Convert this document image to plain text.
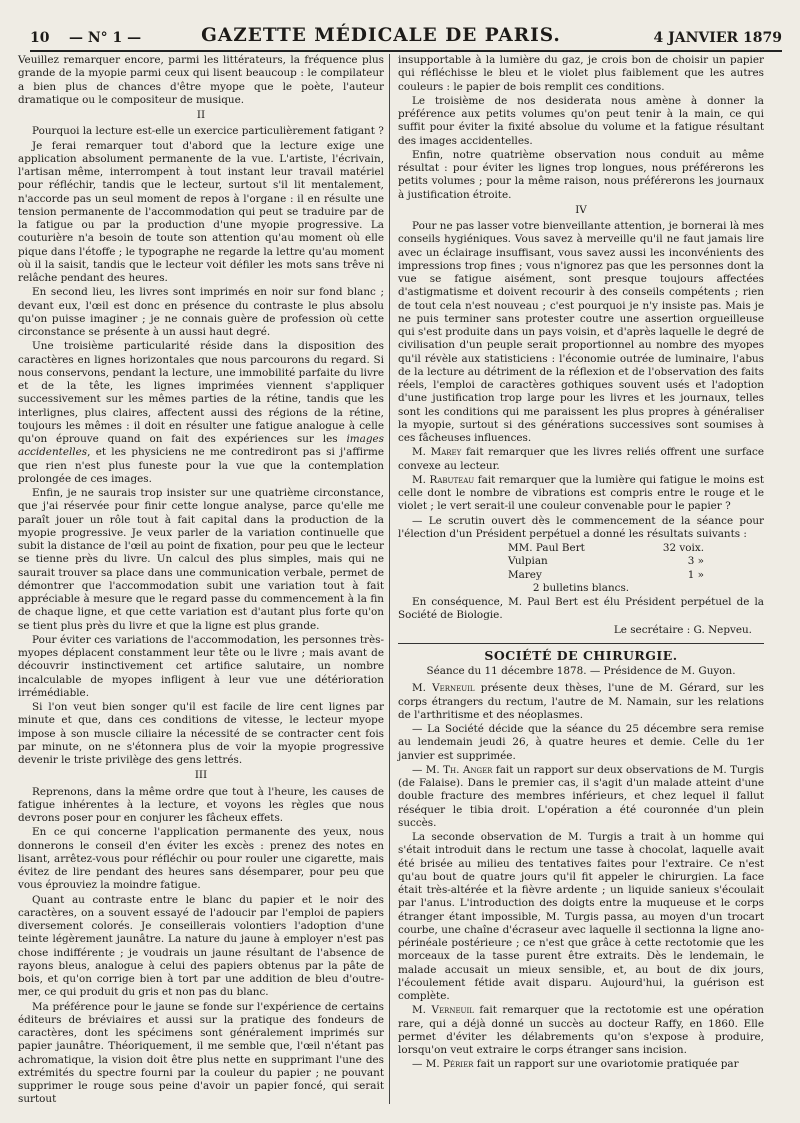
10 — N° 1 —	GAZETTE MÉDICALE DE PARIS.	4 JANVIER 1879

Veuillez remarquer encore, parmi les littérateurs, la fréquence plus grande de la myopie parmi ceux qui lisent beaucoup : le compilateur a bien plus de chances d'être myope que le poète, l'auteur dramatique ou le compositeur de musique.

II

Pourquoi la lecture est-elle un exercice particulièrement fatigant ?

Je ferai remarquer tout d'abord que la lecture exige une application absolument permanente de la vue. L'artiste, l'écrivain, l'artisan même, interrompent à tout instant leur travail matériel pour réfléchir, tandis que le lecteur, surtout s'il lit mentalement, n'accorde pas un seul moment de repos à l'organe : il en résulte une tension permanente de l'accommodation qui peut se traduire par de la fatigue ou par la production d'une myopie progressive. La couturière n'a besoin de toute son attention qu'au moment où elle pique dans l'étoffe ; le typographe ne regarde la lettre qu'au moment où il la saisit, tandis que le lecteur voit défiler les mots sans trêve ni relâche pendant des heures.

En second lieu, les livres sont imprimés en noir sur fond blanc ; devant eux, l'œil est donc en présence du contraste le plus absolu qu'on puisse imaginer ; je ne connais guère de profession où cette circonstance se présente à un aussi haut degré.

Une troisième particularité réside dans la disposition des caractères en lignes horizontales que nous parcourons du regard. Si nous conservons, pendant la lecture, une immobilité parfaite du livre et de la tête, les lignes imprimées viennent s'appliquer successivement sur les mêmes parties de la rétine, tandis que les interlignes, plus claires, affectent aussi des régions de la rétine, toujours les mêmes : il doit en résulter une fatigue analogue à celle qu'on éprouve quand on fait des expériences sur les images accidentelles, et les physiciens ne me contrediront pas si j'affirme que rien n'est plus funeste pour la vue que la contemplation prolongée de ces images.

Enfin, je ne saurais trop insister sur une quatrième circonstance, que j'ai réservée pour finir cette longue analyse, parce qu'elle me paraît jouer un rôle tout à fait capital dans la production de la myopie progressive. Je veux parler de la variation continuelle que subit la distance de l'œil au point de fixation, pour peu que le lecteur se tienne près du livre. Un calcul des plus simples, mais qui ne saurait trouver sa place dans une communication verbale, permet de démontrer que l'accommodation subit une variation tout à fait appréciable à mesure que le regard passe du commencement à la fin de chaque ligne, et que cette variation est d'autant plus forte qu'on se tient plus près du livre et que la ligne est plus grande.

Pour éviter ces variations de l'accommodation, les personnes très-myopes déplacent constamment leur tête ou le livre ; mais avant de découvrir instinctivement cet artifice salutaire, un nombre incalculable de myopes infligent à leur vue une détérioration irrémédiable.

Si l'on veut bien songer qu'il est facile de lire cent lignes par minute et que, dans ces conditions de vitesse, le lecteur myope impose à son muscle ciliaire la nécessité de se contracter cent fois par minute, on ne s'étonnera plus de voir la myopie progressive devenir le triste privilège des gens lettrés.

III

Reprenons, dans la même ordre que tout à l'heure, les causes de fatigue inhérentes à la lecture, et voyons les règles que nous devrons poser pour en conjurer les fâcheux effets.

En ce qui concerne l'application permanente des yeux, nous donnerons le conseil d'en éviter les excès : prenez des notes en lisant, arrêtez-vous pour réfléchir ou pour rouler une cigarette, mais évitez de lire pendant des heures sans désemparer, pour peu que vous éprouviez la moindre fatigue.

Quant au contraste entre le blanc du papier et le noir des caractères, on a souvent essayé de l'adoucir par l'emploi de papiers diversement colorés. Je conseillerais volontiers l'adoption d'une teinte légèrement jaunâtre. La nature du jaune à employer n'est pas chose indifférente ; je voudrais un jaune résultant de l'absence de rayons bleus, analogue à celui des papiers obtenus par la pâte de bois, et qu'on corrige bien à tort par une addition de bleu d'outre-mer, ce qui produit du gris et non pas du blanc.

Ma préférence pour le jaune se fonde sur l'expérience de certains éditeurs de bréviaires et aussi sur la pratique des fondeurs de caractères, dont les spécimens sont généralement imprimés sur papier jaunâtre. Théoriquement, il me semble que, l'œil n'étant pas achromatique, la vision doit être plus nette en supprimant l'une des extrémités du spectre fourni par la couleur du papier ; ne pouvant supprimer le rouge sous peine d'avoir un papier foncé, qui serait surtout

insupportable à la lumière du gaz, je crois bon de choisir un papier qui réfléchisse le bleu et le violet plus faiblement que les autres couleurs : le papier de bois remplit ces conditions.

Le troisième de nos desiderata nous amène à donner la préférence aux petits volumes qu'on peut tenir à la main, ce qui suffit pour éviter la fixité absolue du volume et la fatigue résultant des images accidentelles.

Enfin, notre quatrième observation nous conduit au même résultat : pour éviter les lignes trop longues, nous préférerons les petits volumes ; pour la même raison, nous préférerons les journaux à justification étroite.

IV

Pour ne pas lasser votre bienveillante attention, je bornerai là mes conseils hygiéniques. Vous savez à merveille qu'il ne faut jamais lire avec un éclairage insuffisant, vous savez aussi les inconvénients des impressions trop fines ; vous n'ignorez pas que les personnes dont la vue se fatigue aisément, sont presque toujours affectées d'astigmatisme et doivent recourir à des conseils compétents ; rien de tout cela n'est nouveau ; c'est pourquoi je n'y insiste pas. Mais je ne puis terminer sans protester coutre une assertion orgueilleuse qui s'est produite dans un pays voisin, et d'après laquelle le degré de civilisation d'un peuple serait proportionnel au nombre des myopes qu'il révèle aux statisticiens : l'économie outrée de luminaire, l'abus de la lecture au détriment de la réflexion et de l'observation des faits réels, l'emploi de caractères gothiques souvent usés et l'adoption d'une justification trop large pour les livres et les journaux, telles sont les conditions qui me paraissent les plus propres à généraliser la myopie, surtout si des générations successives sont soumises à ces fâcheuses influences.

M. Marey fait remarquer que les livres reliés offrent une surface convexe au lecteur.

M. Rabuteau fait remarquer que la lumière qui fatigue le moins est celle dont le nombre de vibrations est compris entre le rouge et le violet ; le vert serait-il une couleur convenable pour le papier ?

— Le scrutin ouvert dès le commencement de la séance pour l'élection d'un Président perpétuel a donné les résultats suivants :

MM. Paul Bert	32 voix.
Vulpian	3 »
Marey	1 »

2 bulletins blancs.

En conséquence, M. Paul Bert est élu Président perpétuel de la Société de Biologie.

Le secrétaire : G. Nepveu.

SOCIÉTÉ DE CHIRURGIE.

Séance du 11 décembre 1878. — Présidence de M. Guyon.

M. Verneuil présente deux thèses, l'une de M. Gérard, sur les corps étrangers du rectum, l'autre de M. Namain, sur les relations de l'arthritisme et des néoplasmes.

— La Société décide que la séance du 25 décembre sera remise au lendemain jeudi 26, à quatre heures et demie. Celle du 1er janvier est supprimée.

— M. Th. Anger fait un rapport sur deux observations de M. Turgis (de Falaise). Dans le premier cas, il s'agit d'un malade atteint d'une double fracture des membres inférieurs, et chez lequel il fallut réséquer le tibia droit. L'opération a été couronnée d'un plein succès.

La seconde observation de M. Turgis a trait à un homme qui s'était introduit dans le rectum une tasse à chocolat, laquelle avait été brisée au milieu des tentatives faites pour l'extraire. Ce n'est qu'au bout de quatre jours qu'il fit appeler le chirurgien. La face était très-altérée et la fièvre ardente ; un liquide sanieux s'écoulait par l'anus. L'introduction des doigts entre la muqueuse et le corps étranger étant impossible, M. Turgis passa, au moyen d'un trocart courbe, une chaîne d'écraseur avec laquelle il sectionna la ligne ano-périnéale postérieure ; ce n'est que grâce à cette rectotomie que les morceaux de la tasse purent être extraits. Dès le lendemain, le malade accusait un mieux sensible, et, au bout de dix jours, l'écoulement fétide avait disparu. Aujourd'hui, la guérison est complète.

M. Verneuil fait remarquer que la rectotomie est une opération rare, qui a déjà donné un succès au docteur Raffy, en 1860. Elle permet d'éviter les délabrements qu'on s'expose à produire, lorsqu'on veut extraire le corps étranger sans incision.

— M. Périer fait un rapport sur une ovariotomie pratiquée par
